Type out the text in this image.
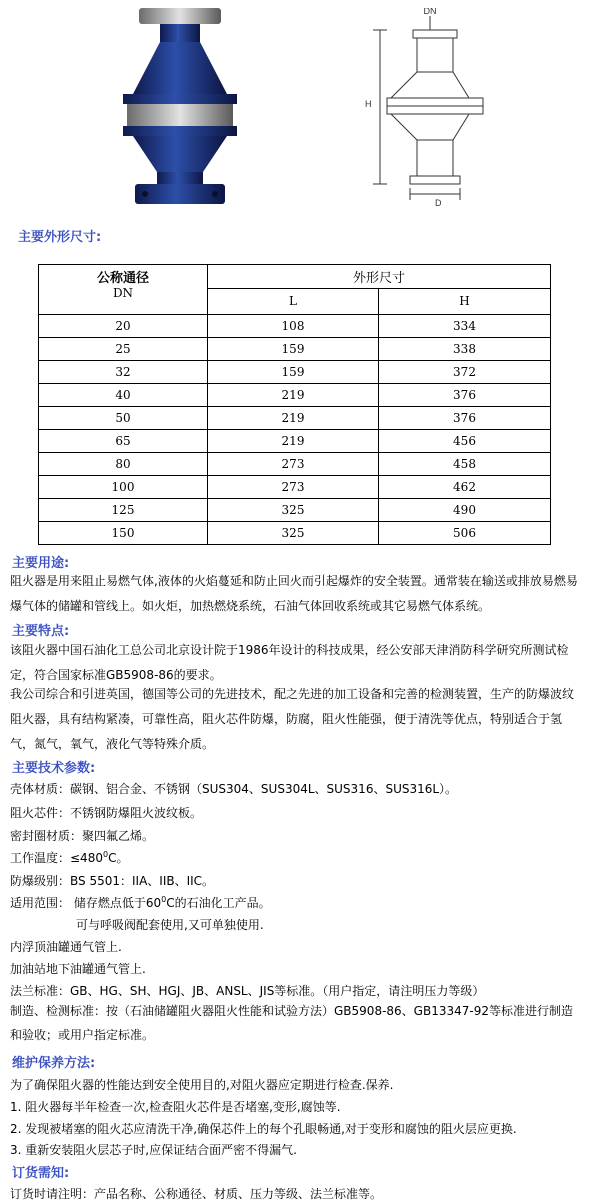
DN
H
D
主要外形尺寸:
公称通径
DN	外形尺寸	
	L	H
20	108	334
25	159	338
32	159	372
40	219	376
50	219	376
65	219	456
80	273	458
100	273	462
125	325	490
150	325	506
主要用途:
阻火器是用来阻止易燃气体,液体的火焰蔓延和防止回火而引起爆炸的安全装置。通常装在输送或排放易燃易爆气体的储罐和管线上。如火炬，加热燃烧系统，石油气体回收系统或其它易燃气体系统。
主要特点:
该阻火器中国石油化工总公司北京设计院于1986年设计的科技成果，经公安部天津消防科学研究所测试检定，符合国家标准GB5908-86的要求。
我公司综合和引进英国，德国等公司的先进技术，配之先进的加工设备和完善的检测装置，生产的防爆波纹阻火器，具有结构紧凑，可靠性高，阻火芯件防爆，防腐，阻火性能强，便于清洗等优点，特别适合于氢气，氮气，氧气，液化气等特殊介质。
主要技术参数:
壳体材质：碳钢、铝合金、不锈钢（SUS304、SUS304L、SUS316、SUS316L）。
阻火芯件：不锈钢防爆阻火波纹板。
密封圈材质：聚四氟乙烯。
工作温度：$\le 480^0C$。
防爆级别：BS 5501：IIA、IIB、IIC。
适用范围： 储存燃点低于$60^0C$的石油化工产品。
可与呼吸阀配套使用,又可单独使用.
内浮顶油罐通气管上.
加油站地下油罐通气管上.
法兰标准：GB、HG、SH、HGJ、JB、ANSL、JIS等标准。（用户指定，请注明压力等级）
制造、检测标准：按（石油储罐阻火器阻火性能和试验方法）GB5908-86、GB13347-92等标准进行制造和验收；或用户指定标准。
维护保养方法:
为了确保阻火器的性能达到安全使用目的,对阻火器应定期进行检查.保养.
1. 阻火器每半年检查一次,检查阻火芯件是否堵塞,变形,腐蚀等.
2. 发现被堵塞的阻火芯应清洗干净,确保芯件上的每个孔眼畅通,对于变形和腐蚀的阻火层应更换.
3. 重新安装阻火层芯子时,应保证结合面严密不得漏气.
订货需知:
订货时请注明：产品名称、公称通径、材质、压力等级、法兰标准等。
